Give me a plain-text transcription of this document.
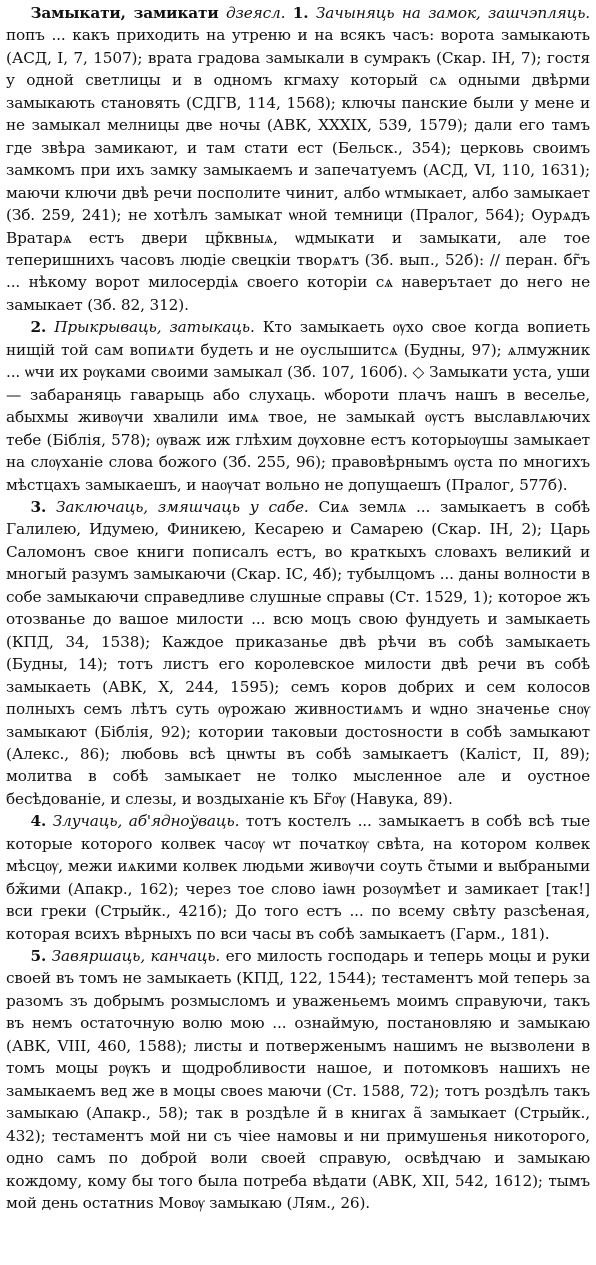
Замыкати, замикати дзеясл. 1. Зачыняць на замок, зашчэпляць. попъ ... какъ приходить на утреню и на всякъ часъ: ворота замыкають (АСД, I, 7, 1507); врата градова замыкали в сумракъ (Скар. IН, 7); гостя у одной светлицы и в одномъ кгмаху который сѧ одными двѣрми замыкають становять (СДГВ, 114, 1568); ключы панские были у мене и не замыкал мелницы две ночы (АВК, XXXIX, 539, 1579); дали его тамъ где звѣра замикают, и там стати ест (Бельск., 354); церковь своимъ замкомъ при ихъ замку замыкаемъ и запечатуемъ (АСД, VI, 110, 1631); маючи ключи двѣ речи посполите чинит, албо ѡтмыкает, албо замыкает (Зб. 259, 241); не хотѣлъ замыкат ѡной темници (Пралог, 564); Оурѧдъ Вратарѧ естъ двери цр̃квныѧ, ѡдмыкати и замыкати, але тое теперишнихъ часовъ людіе свецкіи творѧтъ (Зб. вып., 52б): // перан. бг̃ъ ... нѣкому ворот милосердіѧ своего которіи сѧ наверътает до него не замыкает (Зб. 82, 312).

2. Прыкрываць, затыкаць. Кто замыкаеть ѹхо свое когда вопиеть нищій той сам вопиѧти будеть и не оуслышитсѧ (Будны, 97); ѧлмужник ... ѡчи их рѹками своими замыкал (Зб. 107, 160б). ◇ Замыкати уста, уши — забараняць гаварыць або слухаць. ѡбороти плачъ нашъ в веселье, абыхмы живѹчи хвалили имѧ твое, не замыкай ѹстъ выславлѧючих тебе (Біблія, 578); ѹваж иж глѣхим дѹховне естъ которыѹшы замыкает на слѹханіе слова божого (Зб. 255, 96); правовѣрнымъ ѹста по многихъ мѣстцахъ замыкаешъ, и наѹчат вольно не допущаешъ (Пралог, 577б).

3. Заключаць, змяшчаць у сабе. Сиѧ землѧ ... замыкаетъ в собѣ Галилею, Идумею, Финикею, Кесарею и Самарею (Скар. IН, 2); Царь Саломонъ свое книги пописалъ естъ, во краткыхъ словахъ великий и многый разумъ замыкаючи (Скар. IС, 4б); тубылцомъ ... даны волности в собе замыкаючи справедливе слушные справы (Ст. 1529, 1); которое жъ отозванье до вашое милости ... всю моцъ свою фундуеть и замыкаеть (КПД, 34, 1538); Каждое приказанье двѣ рѣчи въ собѣ замыкаеть (Будны, 14); тотъ листъ его королевское милости двѣ речи въ собѣ замыкаеть (АВК, X, 244, 1595); семъ коров добрих и сем колосов полныхъ семъ лѣтъ суть ѹрожаю живностиѧмъ и ѡдно значенье снѹ замыкают (Біблія, 92); котории таковыи достоѕности в собѣ замыкают (Алекс., 86); любовь всѣ цнѡты въ собѣ замыкаетъ (Каліст, II, 89); молитва в собѣ замыкает не толко мысленное але и оустное бесѣдованіе, и слезы, и воздыханіе къ Бг̃ѹ (Навука, 89).

4. Злучаць, аб'ядноўваць. тотъ костелъ ... замыкаетъ в собѣ всѣ тые которые которого колвек часѹ ѡт початкѹ свѣта, на котором колвек мѣсцѹ, межи иѧкими колвек людьми живѹчи соуть с̃тыми и выбраными бж̃ими (Апакр., 162); через тое слово іаѡн розѹмѣет и замикает [так!] вси греки (Стрыйк., 421б); До того естъ ... по всему свѣту разсѣеная, которая всихъ вѣрныхъ по вси часы въ собѣ замыкаетъ (Гарм., 181).

5. Завяршаць, канчаць. его милость господарь и теперь моцы и руки своей въ томъ не замыкаеть (КПД, 122, 1544); тестаментъ мой теперь за разомъ зъ добрымъ розмысломъ и уваженьемъ моимъ справуючи, такъ въ немъ остаточную волю мою ... ознаймую, постановляю и замыкаю (АВК, VIII, 460, 1588); листы и потверженымъ нашимъ не вызволени в томъ моцы рѹкъ и щодробливости нашое, и потомковъ нашихъ не замыкаемъ вед же в моцы своеѕ маючи (Ст. 1588, 72); тотъ роздѣлъ такъ замыкаю (Апакр., 58); так в роздѣле и̃ в книгах а̃ замыкает (Стрыйк., 432); тестаментъ мой ни съ чіее намовы и ни примушенья никоторого, одно самъ по доброй воли своей справую, освѣдчаю и замыкаю кождому, кому бы того была потреба вѣдати (АВК, XII, 542, 1612); тымъ мой день остатниѕ Мовѹ замыкаю (Лям., 26).
